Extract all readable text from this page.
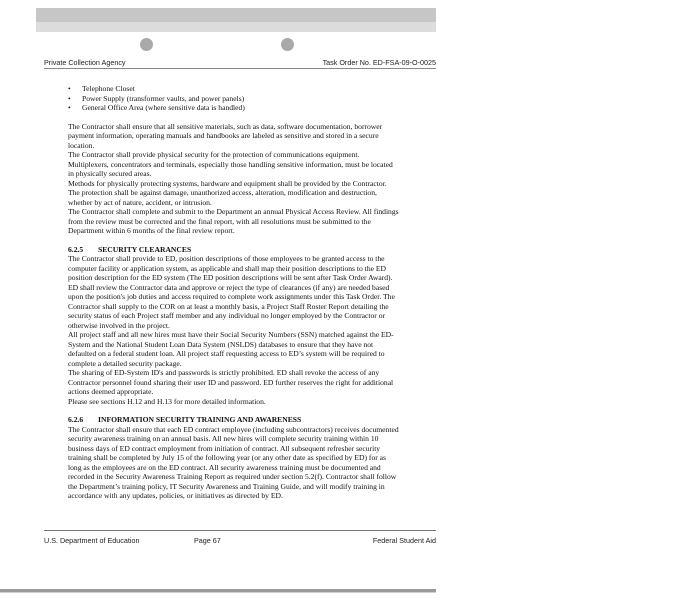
Private Collection Agency	Task Order No. ED-FSA-09-O-0025
• Telephone Closet
• Power Supply (transformer vaults, and power panels)
• General Office Area (where sensitive data is handled)

The Contractor shall ensure that all sensitive materials, such as data, software documentation, borrower payment information, operating manuals and handbooks are labeled as sensitive and stored in a secure location.

The Contractor shall provide physical security for the protection of communications equipment. Multiplexers, concentrators and terminals, especially those handling sensitive information, must be located in physically secured areas.

Methods for physically protecting systems, hardware and equipment shall be provided by the Contractor. The protection shall be against damage, unauthorized access, alteration, modification and destruction, whether by act of nature, accident, or intrusion.

The Contractor shall complete and submit to the Department an annual Physical Access Review. All findings from the review must be corrected and the final report, with all resolutions must be submitted to the Department within 6 months of the final review report.

6.2.5 SECURITY CLEARANCES

The Contractor shall provide to ED, position descriptions of those employees to be granted access to the computer facility or application system, as applicable and shall map their position descriptions to the ED position description for the ED system (The ED position descriptions will be sent after Task Order Award). ED shall review the Contractor data and approve or reject the type of clearances (if any) are needed based upon the position's job duties and access required to complete work assignments under this Task Order. The Contractor shall supply to the COR on at least a monthly basis, a Project Staff Roster Report detailing the security status of each Project staff member and any individual no longer employed by the Contractor or otherwise involved in the project.

All project staff and all new hires must have their Social Security Numbers (SSN) matched against the ED-System and the National Student Loan Data System (NSLDS) databases to ensure that they have not defaulted on a federal student loan. All project staff requesting access to ED’s system will be required to complete a detailed security package.

The sharing of ED-System ID's and passwords is strictly prohibited. ED shall revoke the access of any Contractor personnel found sharing their user ID and password. ED further reserves the right for additional actions deemed appropriate.

Please see sections H.12 and H.13 for more detailed information.

6.2.6 INFORMATION SECURITY TRAINING AND AWARENESS

The Contractor shall ensure that each ED contract employee (including subcontractors) receives documented security awareness training on an annual basis. All new hires will complete security training within 10 business days of ED contract employment from initiation of contract. All subsequent refresher security training shall be completed by July 15 of the following year (or any other date as specified by ED) for as long as the employees are on the ED contract. All security awareness training must be documented and recorded in the Security Awareness Training Report as required under section 5.2(f). Contractor shall follow the Department’s training policy, IT Security Awareness and Training Guide, and will modify training in accordance with any updates, policies, or initiatives as directed by ED.

U.S. Department of Education	Page 67	Federal Student Aid
